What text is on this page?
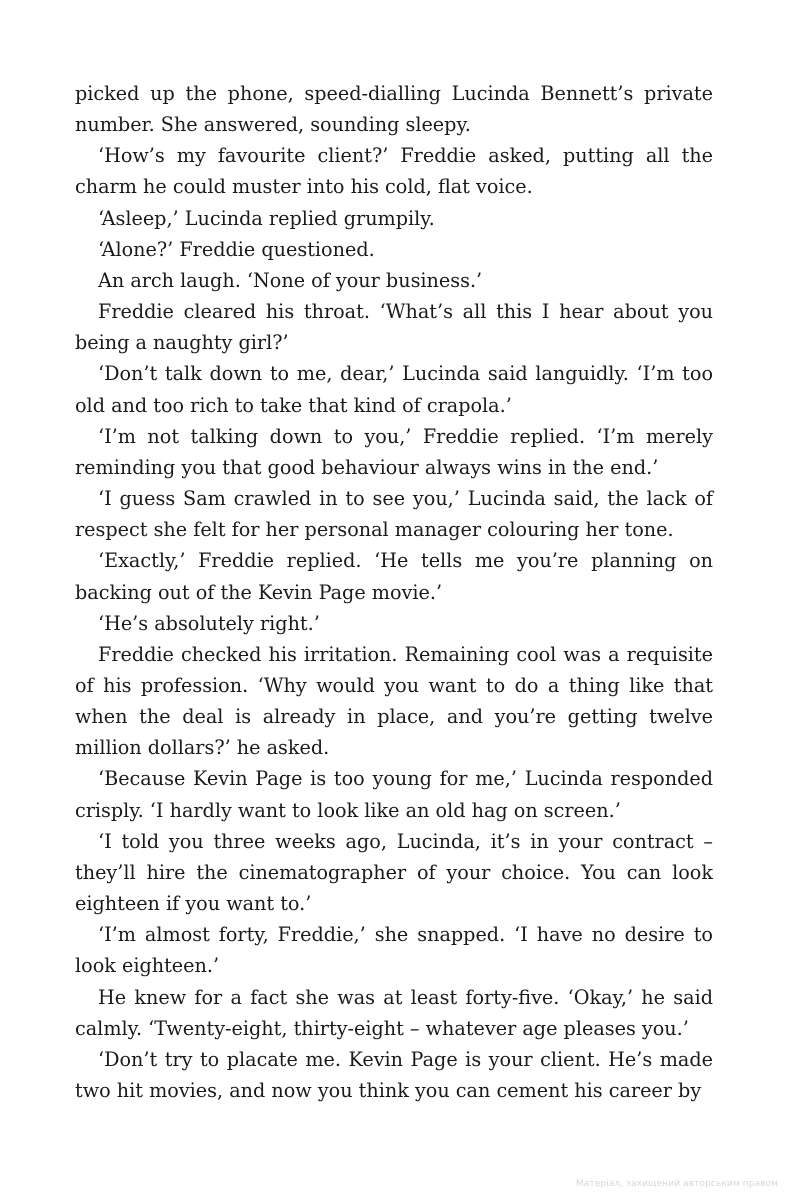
picked up the phone, speed-dialling Lucinda Bennett’s private number. She answered, sounding sleepy.

‘How’s my favourite client?’ Freddie asked, putting all the charm he could muster into his cold, flat voice.

‘Asleep,’ Lucinda replied grumpily.

‘Alone?’ Freddie questioned.

An arch laugh. ‘None of your business.’

Freddie cleared his throat. ‘What’s all this I hear about you being a naughty girl?’

‘Don’t talk down to me, dear,’ Lucinda said languidly. ‘I’m too old and too rich to take that kind of crapola.’

‘I’m not talking down to you,’ Freddie replied. ‘I’m merely reminding you that good behaviour always wins in the end.’

‘I guess Sam crawled in to see you,’ Lucinda said, the lack of respect she felt for her personal manager colouring her tone.

‘Exactly,’ Freddie replied. ‘He tells me you’re planning on backing out of the Kevin Page movie.’

‘He’s absolutely right.’

Freddie checked his irritation. Remaining cool was a requisite of his profession. ‘Why would you want to do a thing like that when the deal is already in place, and you’re getting twelve million dollars?’ he asked.

‘Because Kevin Page is too young for me,’ Lucinda responded crisply. ‘I hardly want to look like an old hag on screen.’

‘I told you three weeks ago, Lucinda, it’s in your contract – they’ll hire the cinematographer of your choice. You can look eighteen if you want to.’

‘I’m almost forty, Freddie,’ she snapped. ‘I have no desire to look eighteen.’

He knew for a fact she was at least forty-five. ‘Okay,’ he said calmly. ‘Twenty-eight, thirty-eight – whatever age pleases you.’

‘Don’t try to placate me. Kevin Page is your client. He’s made two hit movies, and now you think you can cement his career by

Матеріал, захищений авторським правом
